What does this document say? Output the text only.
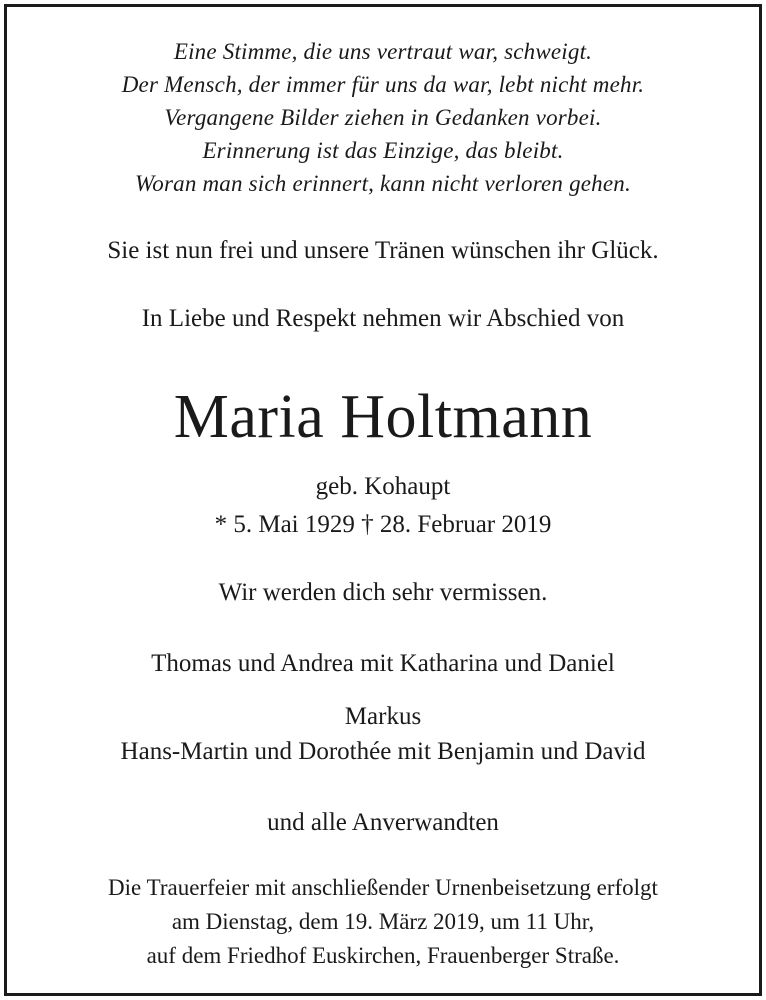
Eine Stimme, die uns vertraut war, schweigt.
Der Mensch, der immer für uns da war, lebt nicht mehr.
Vergangene Bilder ziehen in Gedanken vorbei.
Erinnerung ist das Einzige, das bleibt.
Woran man sich erinnert, kann nicht verloren gehen.
Sie ist nun frei und unsere Tränen wünschen ihr Glück.
In Liebe und Respekt nehmen wir Abschied von
Maria Holtmann
geb. Kohaupt
* 5. Mai 1929 † 28. Februar 2019
Wir werden dich sehr vermissen.
Thomas und Andrea mit Katharina und Daniel
Markus
Hans-Martin und Dorothée mit Benjamin und David
und alle Anverwandten
Die Trauerfeier mit anschließender Urnenbeisetzung erfolgt
am Dienstag, dem 19. März 2019, um 11 Uhr,
auf dem Friedhof Euskirchen, Frauenberger Straße.
